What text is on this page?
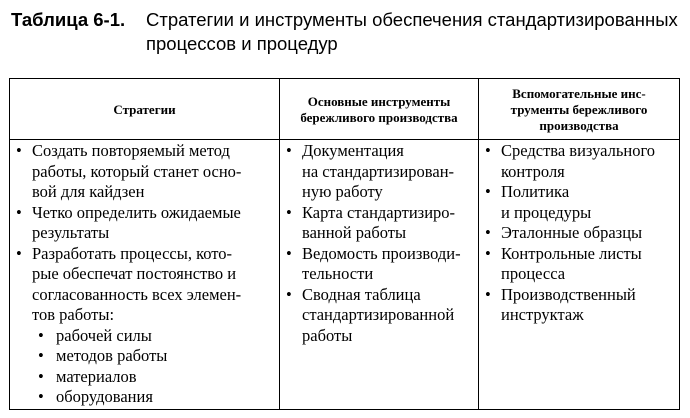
Таблица 6-1. Стратегии и инструменты обеспечения стандартизированных
процессов и процедур
Стратегии
Основные инструменты
бережливого производства
Вспомогательные инс-
трументы бережливого
производства
• Создать повторяемый метод
работы, который станет осно-
вой для кайдзен
• Четко определить ожидаемые
результаты
• Разработать процессы, кото-
рые обеспечат постоянство и
согласованность всех элемен-
тов работы:
• рабочей силы
• методов работы
• материалов
• оборудования
• Документация
на стандартизирован-
ную работу
• Карта стандартизиро-
ванной работы
• Ведомость производи-
тельности
• Сводная таблица
стандартизированной
работы
• Средства визуального
контроля
• Политика
и процедуры
• Эталонные образцы
• Контрольные листы
процесса
• Производственный
инструктаж
